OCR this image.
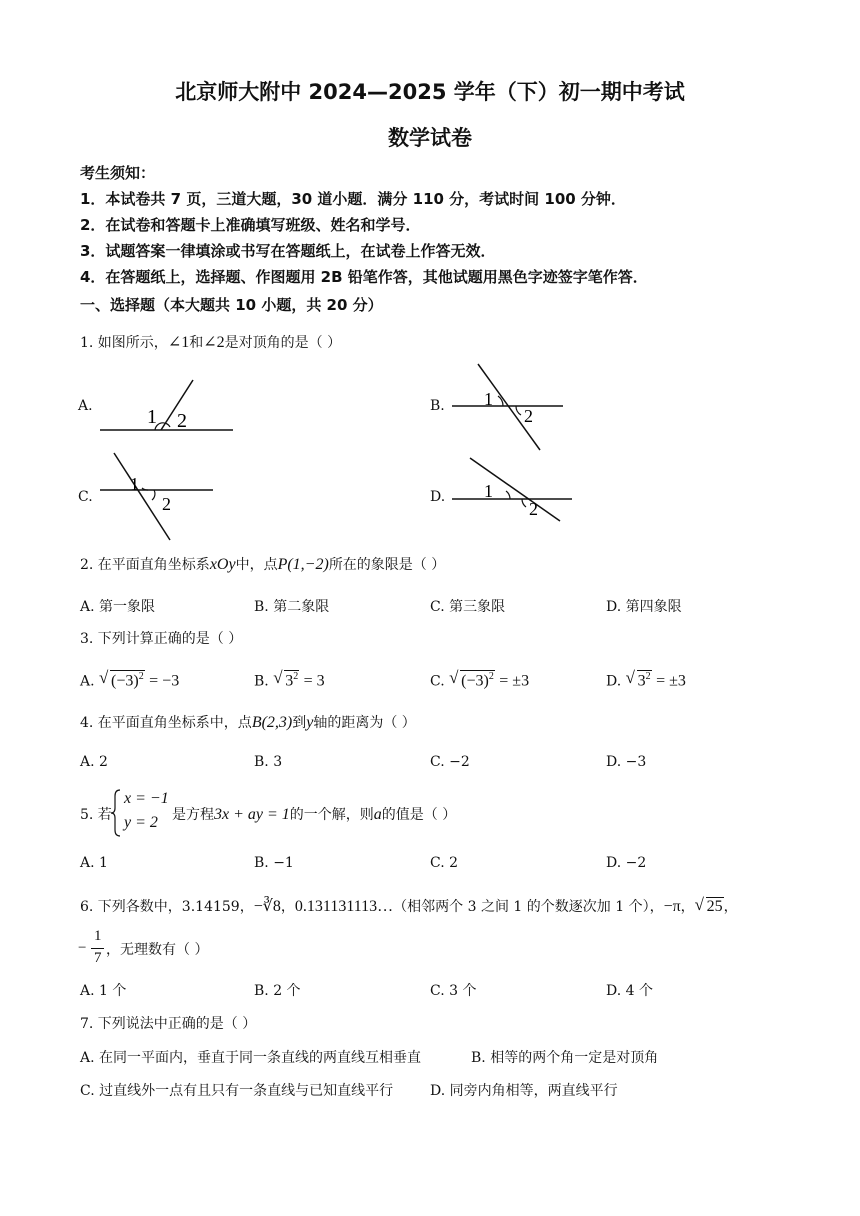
北京师大附中 2024—2025 学年（下）初一期中考试
数学试卷
考生须知：
1．本试卷共 7 页，三道大题，30 道小题．满分 110 分，考试时间 100 分钟．
2．在试卷和答题卡上准确填写班级、姓名和学号．
3．试题答案一律填涂或书写在答题纸上，在试卷上作答无效．
4．在答题纸上，选择题、作图题用 2B 铅笔作答，其他试题用黑色字迹签字笔作答．
一、选择题（本大题共 10 小题，共 20 分）
1. 如图所示，∠1和∠2是对顶角的是（ ）
A.	1 2
B. 1
2
C.
1
2	D. 1
2
2. 在平面直角坐标系xOy中，点P(1,−2)所在的象限是（ ）
A. 第一象限	B. 第二象限	C. 第三象限	D. 第四象限
3. 下列计算正确的是（ ）
A. √ $(-3)^2 = -3$	B. √ $3^2 = 3$	C. √ $(-3)^2 = \pm 3$	D. √ $3^2 = \pm 3$
4. 在平面直角坐标系中，点B(2,3)到y轴的距离为（ ）
A. 2	B. 3	C. −2	D. −3
5. 若
x = −1
y = 2 是方程3x + ay = 1的一个解，则a的值是（ ）
A. 1	B. −1	C. 2	D. −2
6. 下列各数中，3.14159，−∛8，0.131131113…（相邻两个 3 之间 1 的个数逐次加 1 个），−π， √ 25，
−
1
7 ，无理数有（ ）
A. 1 个	B. 2 个	C. 3 个	D. 4 个
7. 下列说法中正确的是（ ）
A. 在同一平面内，垂直于同一条直线的两直线互相垂直	B. 相等的两个角一定是对顶角
C. 过直线外一点有且只有一条直线与已知直线平行	D. 同旁内角相等，两直线平行
